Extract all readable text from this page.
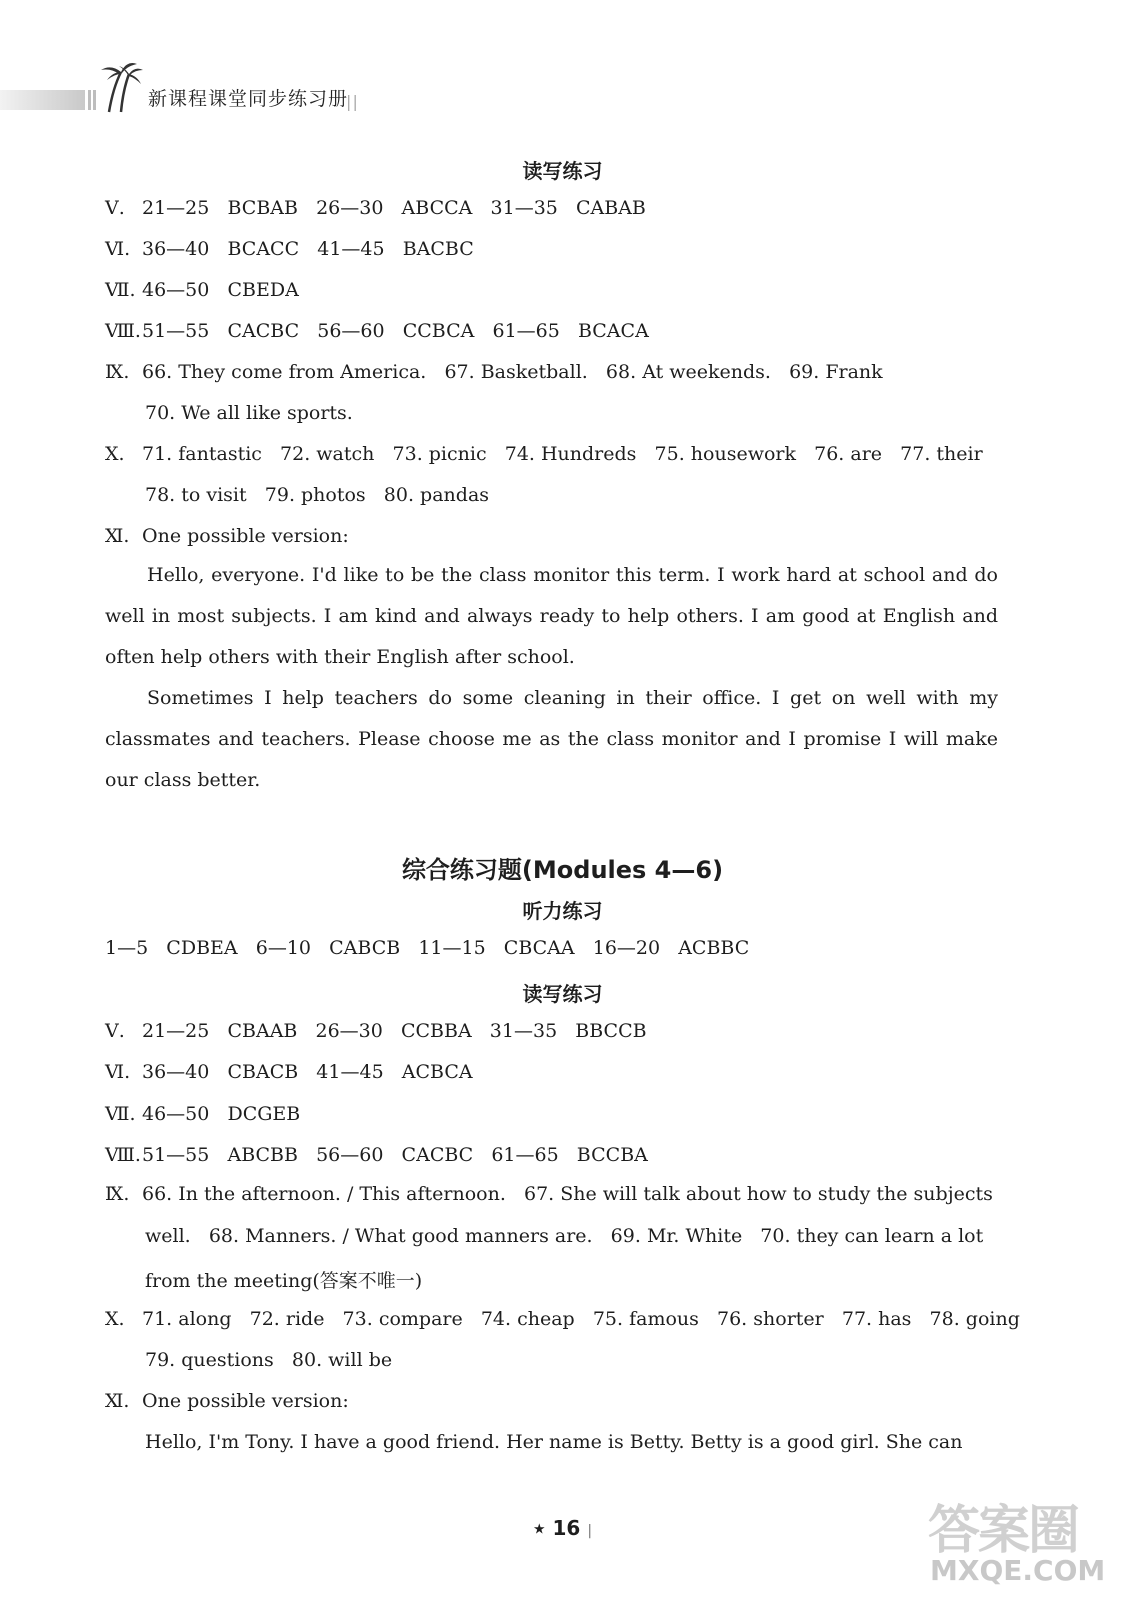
新课程课堂同步练习册
| |
读写练习
Ⅴ. 21—25   BCBAB   26—30   ABCCA   31—35   CABAB
Ⅵ. 36—40   BCACC   41—45   BACBC
Ⅶ. 46—50   CBEDA
Ⅷ.51—55   CACBC   56—60   CCBCA   61—65   BCACA
Ⅸ. 66. They come from America.   67. Basketball.   68. At weekends.   69. Frank
70. We all like sports.
Ⅹ. 71. fantastic   72. watch   73. picnic   74. Hundreds   75. housework   76. are   77. their
78. to visit   79. photos   80. pandas
Ⅺ. One possible version:
Hello, everyone. I'd like to be the class monitor this term. I work hard at school and do well in most subjects. I am kind and always ready to help others. I am good at English and often help others with their English after school.
Sometimes I help teachers do some cleaning in their office. I get on well with my classmates and teachers. Please choose me as the class monitor and I promise I will make our class better.
综合练习题(Modules 4—6)
听力练习
1—5   CDBEA   6—10   CABCB   11—15   CBCAA   16—20   ACBBC
读写练习
Ⅴ. 21—25   CBAAB   26—30   CCBBA   31—35   BBCCB
Ⅵ. 36—40   CBACB   41—45   ACBCA
Ⅶ. 46—50   DCGEB
Ⅷ.51—55   ABCBB   56—60   CACBC   61—65   BCCBA
Ⅸ. 66. In the afternoon. / This afternoon.   67. She will talk about how to study the subjects
well.   68. Manners. / What good manners are.   69. Mr. White   70. they can learn a lot
from the meeting(答案不唯一)
Ⅹ. 71. along   72. ride   73. compare   74. cheap   75. famous   76. shorter   77. has   78. going
79. questions   80. will be
Ⅺ. One possible version:
Hello, I'm Tony. I have a good friend. Her name is Betty. Betty is a good girl. She can
★ 16 |	答案圈
MXQE.COM
